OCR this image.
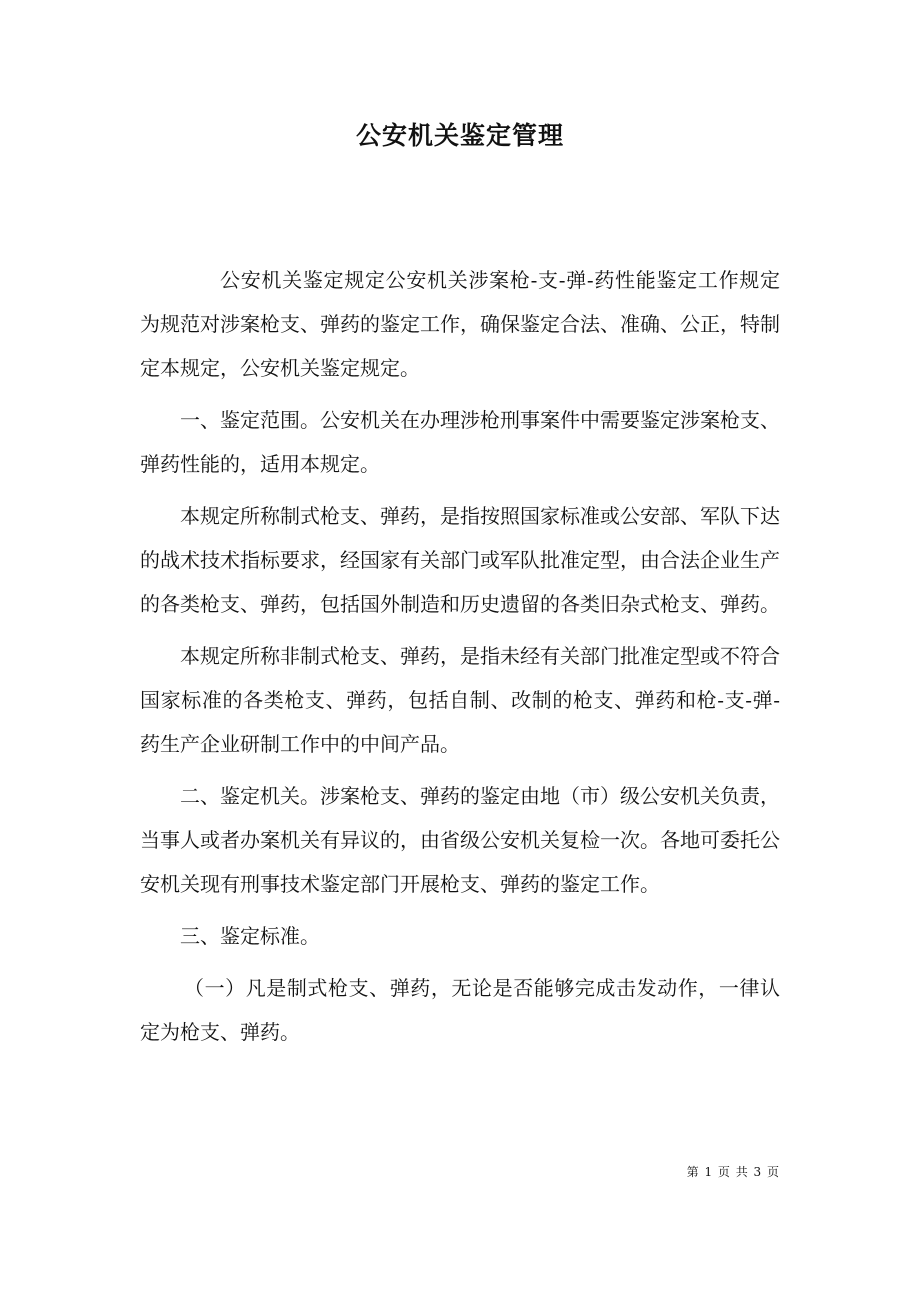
公安机关鉴定管理

公安机关鉴定规定公安机关涉案枪-支-弹-药性能鉴定工作规定为规范对涉案枪支、弹药的鉴定工作，确保鉴定合法、准确、公正，特制定本规定，公安机关鉴定规定。

一、鉴定范围。公安机关在办理涉枪刑事案件中需要鉴定涉案枪支、弹药性能的，适用本规定。

本规定所称制式枪支、弹药，是指按照国家标准或公安部、军队下达的战术技术指标要求，经国家有关部门或军队批准定型，由合法企业生产的各类枪支、弹药，包括国外制造和历史遗留的各类旧杂式枪支、弹药。

本规定所称非制式枪支、弹药，是指未经有关部门批准定型或不符合国家标准的各类枪支、弹药，包括自制、改制的枪支、弹药和枪-支-弹-药生产企业研制工作中的中间产品。

二、鉴定机关。涉案枪支、弹药的鉴定由地（市）级公安机关负责，当事人或者办案机关有异议的，由省级公安机关复检一次。各地可委托公安机关现有刑事技术鉴定部门开展枪支、弹药的鉴定工作。

三、鉴定标准。

（一）凡是制式枪支、弹药，无论是否能够完成击发动作，一律认定为枪支、弹药。

第 1 页 共 3 页
